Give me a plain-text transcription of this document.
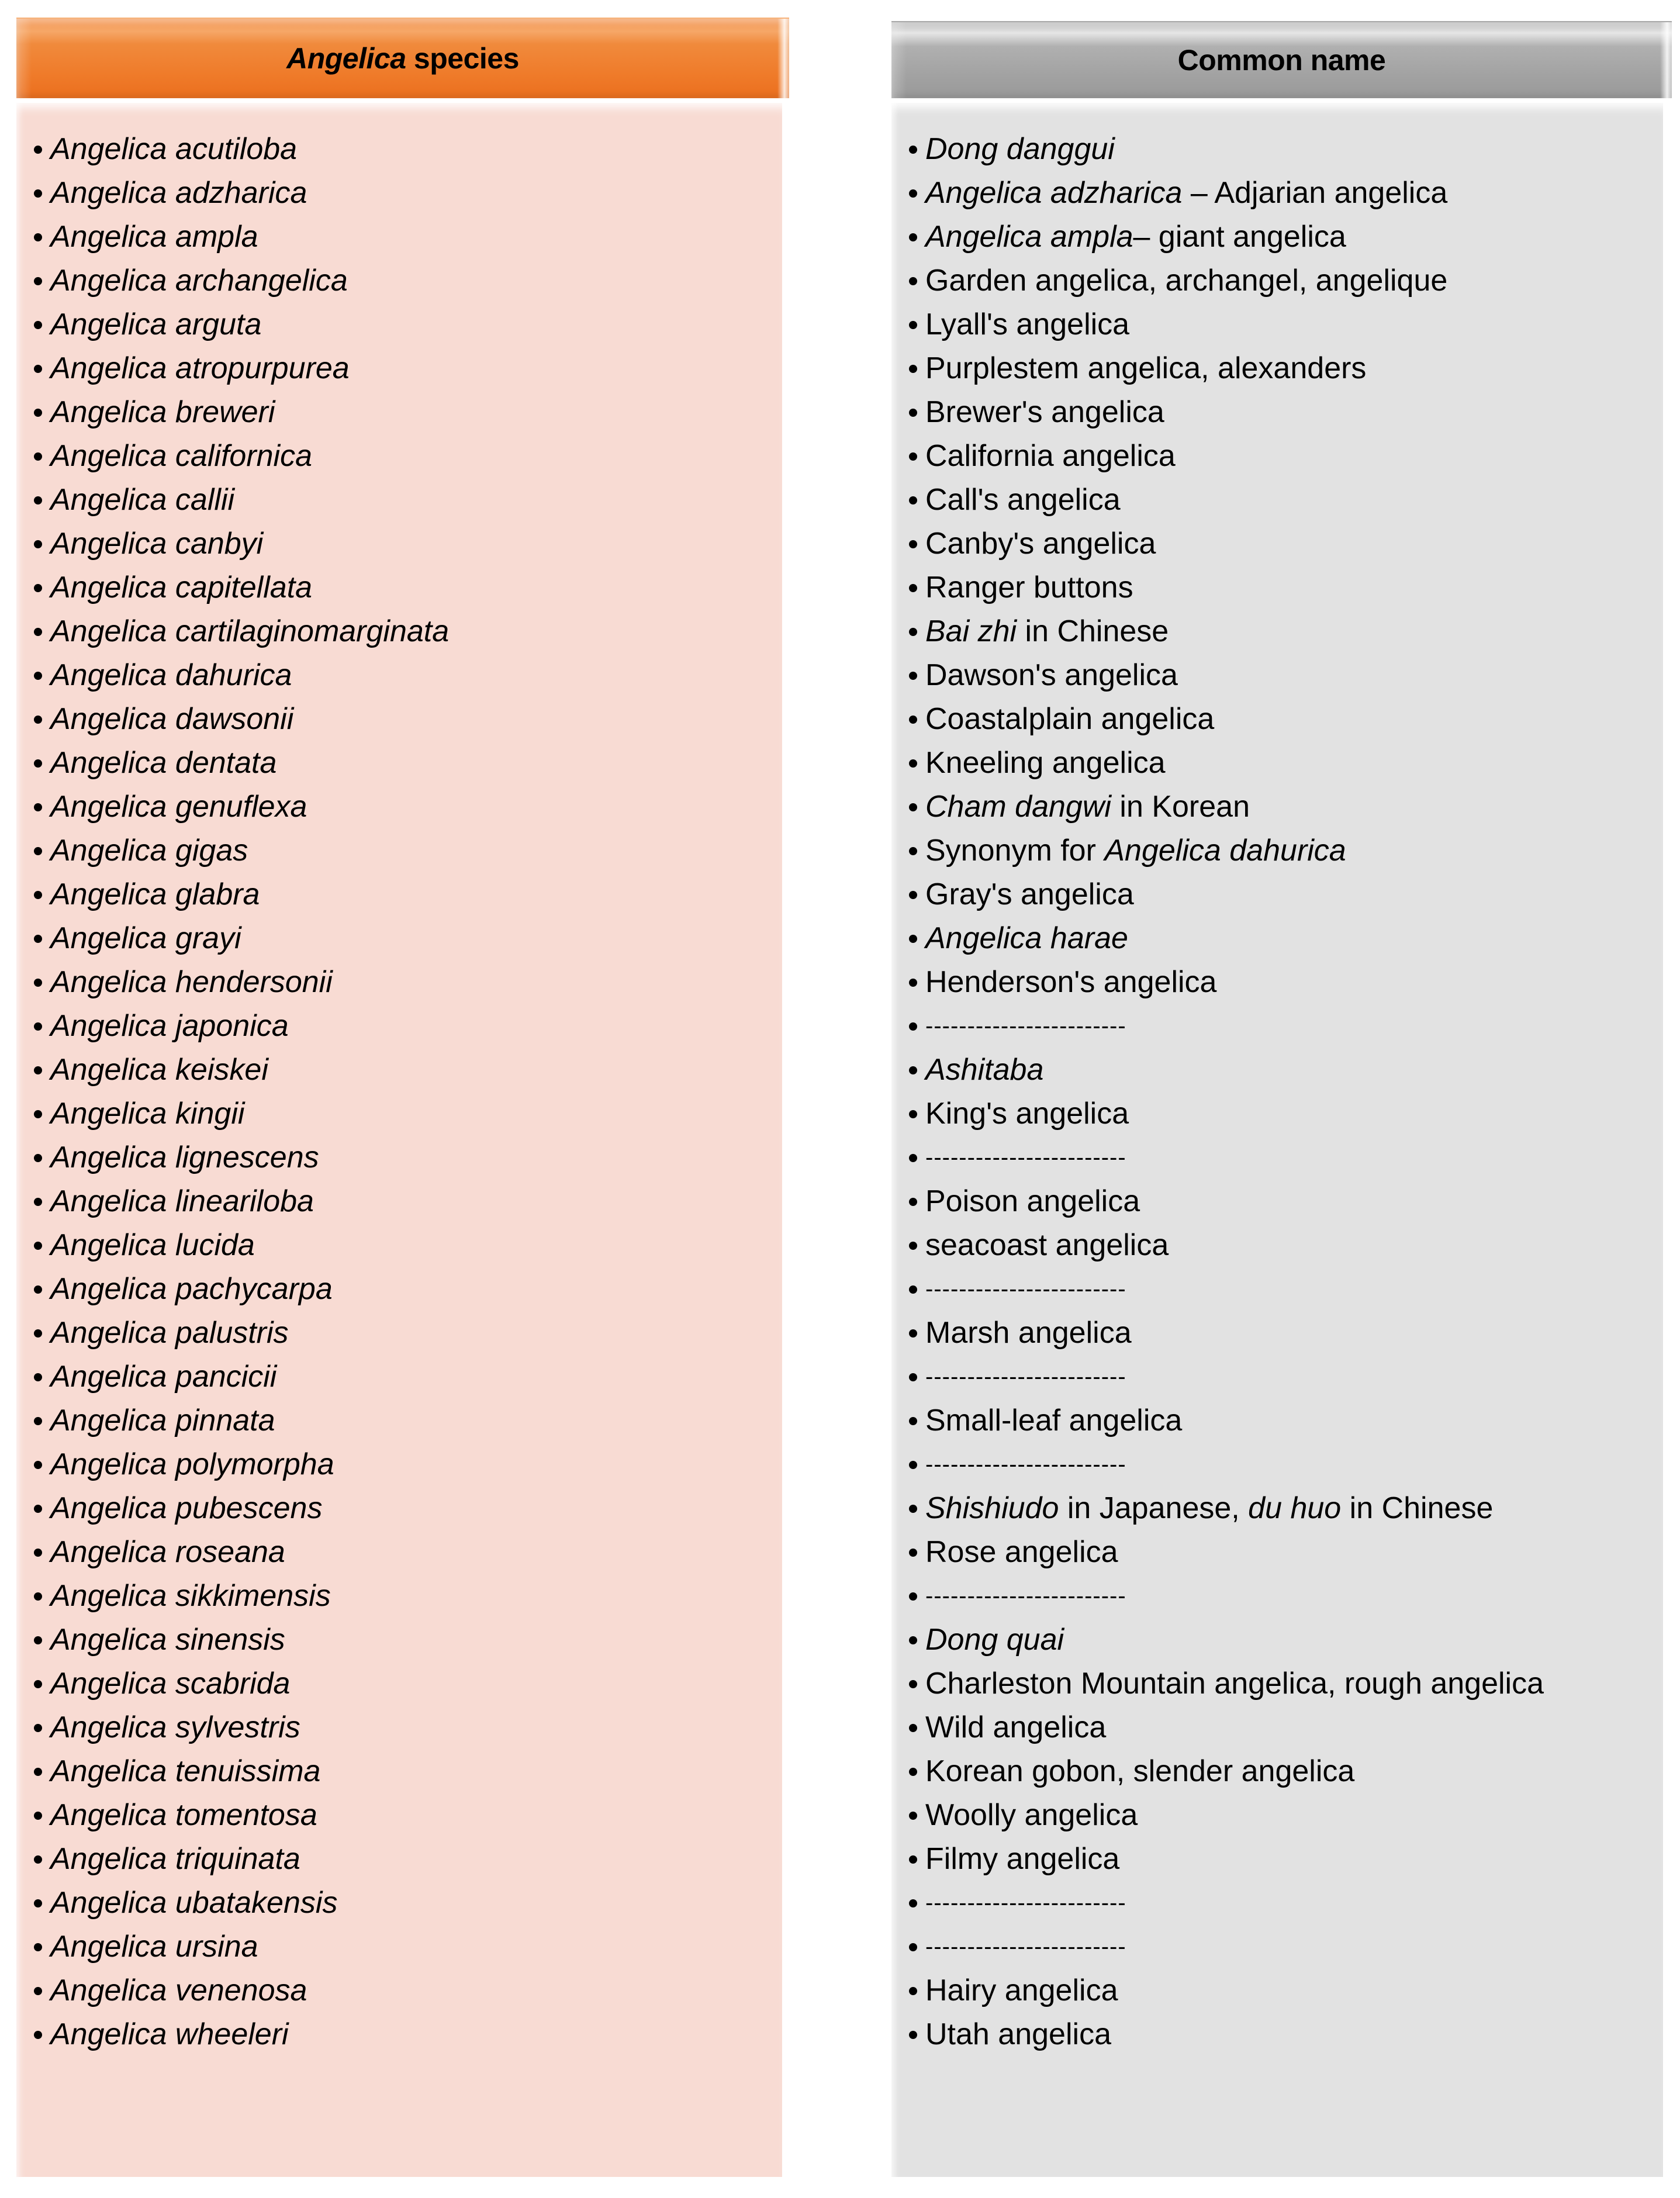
Angelica species
Angelica acutiloba
Angelica adzharica
Angelica ampla
Angelica archangelica
Angelica arguta
Angelica atropurpurea
Angelica breweri
Angelica californica
Angelica callii
Angelica canbyi
Angelica capitellata
Angelica cartilaginomarginata
Angelica dahurica
Angelica dawsonii
Angelica dentata
Angelica genuflexa
Angelica gigas
Angelica glabra
Angelica grayi
Angelica hendersonii
Angelica japonica
Angelica keiskei
Angelica kingii
Angelica lignescens
Angelica lineariloba
Angelica lucida
Angelica pachycarpa
Angelica palustris
Angelica pancicii
Angelica pinnata
Angelica polymorpha
Angelica pubescens
Angelica roseana
Angelica sikkimensis
Angelica sinensis
Angelica scabrida
Angelica sylvestris
Angelica tenuissima
Angelica tomentosa
Angelica triquinata
Angelica ubatakensis
Angelica ursina
Angelica venenosa
Angelica wheeleri
Common name
Dong danggui
Angelica adzharica – Adjarian angelica
Angelica ampla – giant angelica
Garden angelica, archangel, angelique
Lyall's angelica
Purplestem angelica, alexanders
Brewer's angelica
California angelica
Call's angelica
Canby's angelica
Ranger buttons
Bai zhi in Chinese
Dawson's angelica
Coastalplain angelica
Kneeling angelica
Cham dangwi in Korean
Synonym for Angelica dahurica
Gray's angelica
Angelica harae
Henderson's angelica
------------------------
Ashitaba
King's angelica
------------------------
Poison angelica
seacoast angelica
------------------------
Marsh angelica
------------------------
Small-leaf angelica
------------------------
Shishiudo in Japanese, du huo in Chinese
Rose angelica
------------------------
Dong quai
Charleston Mountain angelica, rough angelica
Wild angelica
Korean gobon, slender angelica
Woolly angelica
Filmy angelica
------------------------
------------------------
Hairy angelica
Utah angelica
